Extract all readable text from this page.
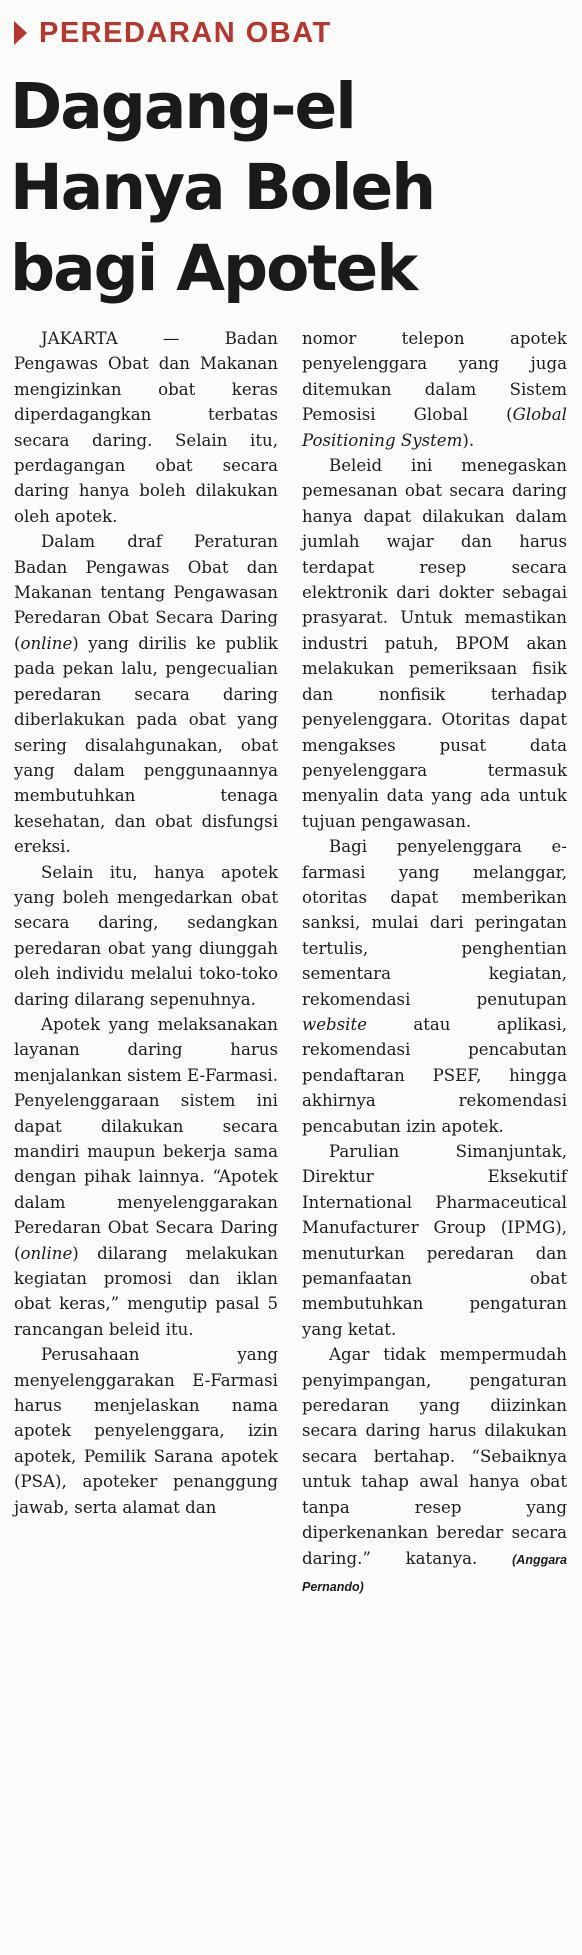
PEREDARAN OBAT
Dagang-el
Hanya Boleh
bagi Apotek

JAKARTA — Badan Pengawas Obat dan Makanan mengizinkan obat keras diperdagangkan terbatas secara daring. Selain itu, perdagangan obat secara daring hanya boleh dilakukan oleh apotek.

Dalam draf Peraturan Badan Pengawas Obat dan Makanan tentang Pengawasan Peredaran Obat Secara Daring (online) yang dirilis ke publik pada pekan lalu, pengecualian peredaran secara daring diberlakukan pada obat yang sering disalahgunakan, obat yang dalam penggunaannya membutuhkan tenaga kesehatan, dan obat disfungsi ereksi.

Selain itu, hanya apotek yang boleh mengedarkan obat secara daring, sedangkan peredaran obat yang diunggah oleh individu melalui toko-toko daring dilarang sepenuhnya.

Apotek yang melaksanakan layanan daring harus menjalankan sistem E-Farmasi. Penyelenggaraan sistem ini dapat dilakukan secara mandiri maupun bekerja sama dengan pihak lainnya. “Apotek dalam menyelenggarakan Peredaran Obat Secara Daring (online) dilarang melakukan kegiatan promosi dan iklan obat keras,” mengutip pasal 5 rancangan beleid itu.

Perusahaan yang menyelenggarakan E-Farmasi harus menjelaskan nama apotek penyelenggara, izin apotek, Pemilik Sarana apotek (PSA), apoteker penanggung jawab, serta alamat dan

nomor telepon apotek penyelenggara yang juga ditemukan dalam Sistem Pemosisi Global (Global Positioning System).

Beleid ini menegaskan pemesanan obat secara daring hanya dapat dilakukan dalam jumlah wajar dan harus terdapat resep secara elektronik dari dokter sebagai prasyarat. Untuk memastikan industri patuh, BPOM akan melakukan pemeriksaan fisik dan nonfisik terhadap penyelenggara. Otoritas dapat mengakses pusat data penyelenggara termasuk menyalin data yang ada untuk tujuan pengawasan.

Bagi penyelenggara e-farmasi yang melanggar, otoritas dapat memberikan sanksi, mulai dari peringatan tertulis, penghentian sementara kegiatan, rekomendasi penutupan website atau aplikasi, rekomendasi pencabutan pendaftaran PSEF, hingga akhirnya rekomendasi pencabutan izin apotek.

Parulian Simanjuntak, Direktur Eksekutif International Pharmaceutical Manufacturer Group (IPMG), menuturkan peredaran dan pemanfaatan obat membutuhkan pengaturan yang ketat.

Agar tidak mempermudah penyimpangan, pengaturan peredaran yang diizinkan secara daring harus dilakukan secara bertahap. “Sebaiknya untuk tahap awal hanya obat tanpa resep yang diperkenankan beredar secara daring.” katanya.	(Anggara Pernando)
